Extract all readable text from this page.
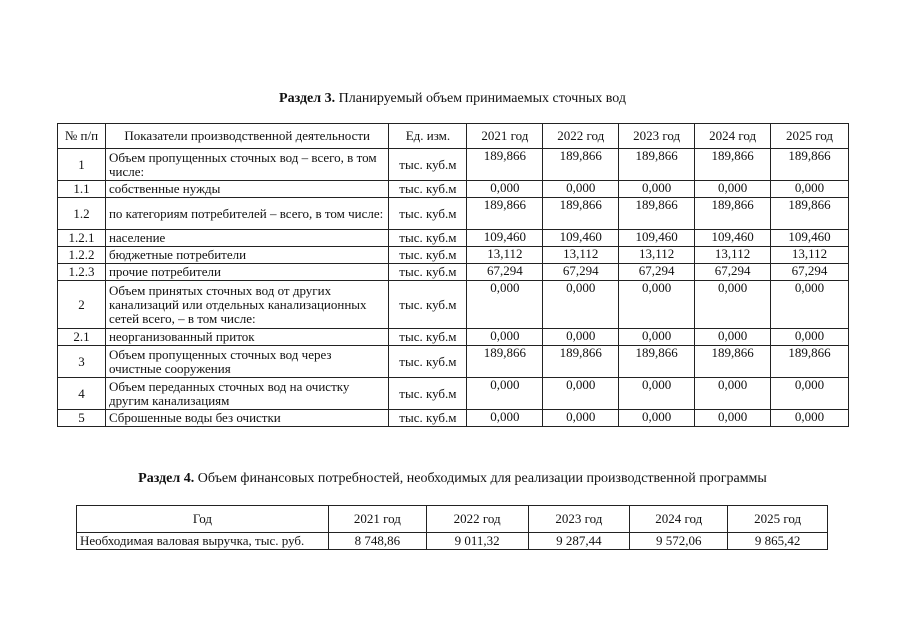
Раздел 3. Планируемый объем принимаемых сточных вод
№ п/п	Показатели производственной деятельности	Ед. изм.	2021 год	2022 год	2023 год	2024 год	2025 год
1	Объем пропущенных сточных вод – всего, в том числе:	тыс. куб.м	189,866	189,866	189,866	189,866	189,866
1.1	собственные нужды	тыс. куб.м	0,000	0,000	0,000	0,000	0,000
1.2	по категориям потребителей – всего, в том числе:	тыс. куб.м	189,866	189,866	189,866	189,866	189,866
1.2.1	население	тыс. куб.м	109,460	109,460	109,460	109,460	109,460
1.2.2	бюджетные потребители	тыс. куб.м	13,112	13,112	13,112	13,112	13,112
1.2.3	прочие потребители	тыс. куб.м	67,294	67,294	67,294	67,294	67,294
2	Объем принятых сточных вод от других канализаций или отдельных канализационных сетей всего, – в том числе:	тыс. куб.м	0,000	0,000	0,000	0,000	0,000
2.1	неорганизованный приток	тыс. куб.м	0,000	0,000	0,000	0,000	0,000
3	Объем пропущенных сточных вод через очистные сооружения	тыс. куб.м	189,866	189,866	189,866	189,866	189,866
4	Объем переданных сточных вод на очистку другим канализациям	тыс. куб.м	0,000	0,000	0,000	0,000	0,000
5	Сброшенные воды без очистки	тыс. куб.м	0,000	0,000	0,000	0,000	0,000
Раздел 4. Объем финансовых потребностей, необходимых для реализации производственной программы
Год	2021 год	2022 год	2023 год	2024 год	2025 год
Необходимая валовая выручка, тыс. руб.	8 748,86	9 011,32	9 287,44	9 572,06	9 865,42
